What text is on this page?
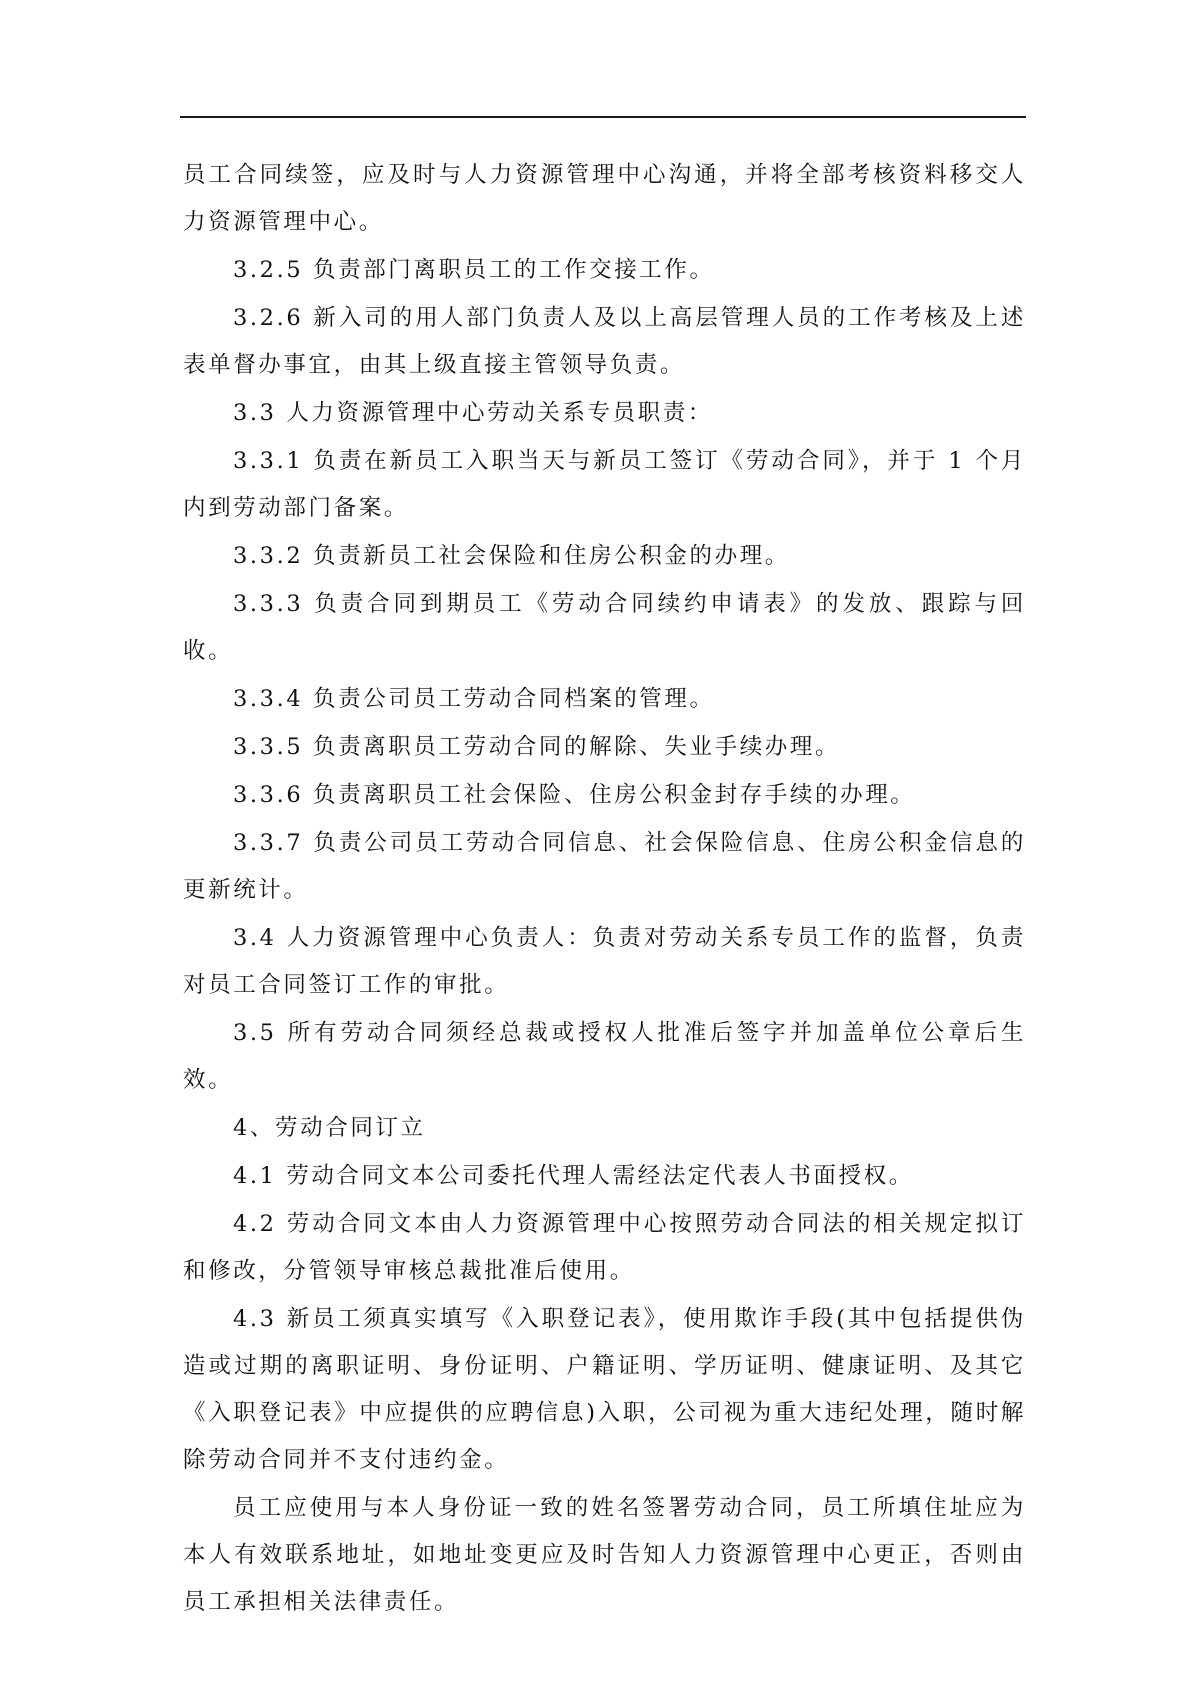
员工合同续签，应及时与人力资源管理中心沟通，并将全部考核资料移交人力资源管理中心。

3.2.5 负责部门离职员工的工作交接工作。

3.2.6 新入司的用人部门负责人及以上高层管理人员的工作考核及上述表单督办事宜，由其上级直接主管领导负责。

3.3 人力资源管理中心劳动关系专员职责：

3.3.1 负责在新员工入职当天与新员工签订《劳动合同》，并于 1 个月内到劳动部门备案。

3.3.2 负责新员工社会保险和住房公积金的办理。

3.3.3 负责合同到期员工《劳动合同续约申请表》的发放、跟踪与回收。

3.3.4 负责公司员工劳动合同档案的管理。

3.3.5 负责离职员工劳动合同的解除、失业手续办理。

3.3.6 负责离职员工社会保险、住房公积金封存手续的办理。

3.3.7 负责公司员工劳动合同信息、社会保险信息、住房公积金信息的更新统计。

3.4 人力资源管理中心负责人：负责对劳动关系专员工作的监督，负责对员工合同签订工作的审批。

3.5 所有劳动合同须经总裁或授权人批准后签字并加盖单位公章后生效。

4、劳动合同订立

4.1 劳动合同文本公司委托代理人需经法定代表人书面授权。

4.2 劳动合同文本由人力资源管理中心按照劳动合同法的相关规定拟订和修改，分管领导审核总裁批准后使用。

4.3 新员工须真实填写《入职登记表》，使用欺诈手段(其中包括提供伪造或过期的离职证明、身份证明、户籍证明、学历证明、健康证明、及其它《入职登记表》中应提供的应聘信息)入职，公司视为重大违纪处理，随时解除劳动合同并不支付违约金。

员工应使用与本人身份证一致的姓名签署劳动合同，员工所填住址应为本人有效联系地址，如地址变更应及时告知人力资源管理中心更正，否则由员工承担相关法律责任。
